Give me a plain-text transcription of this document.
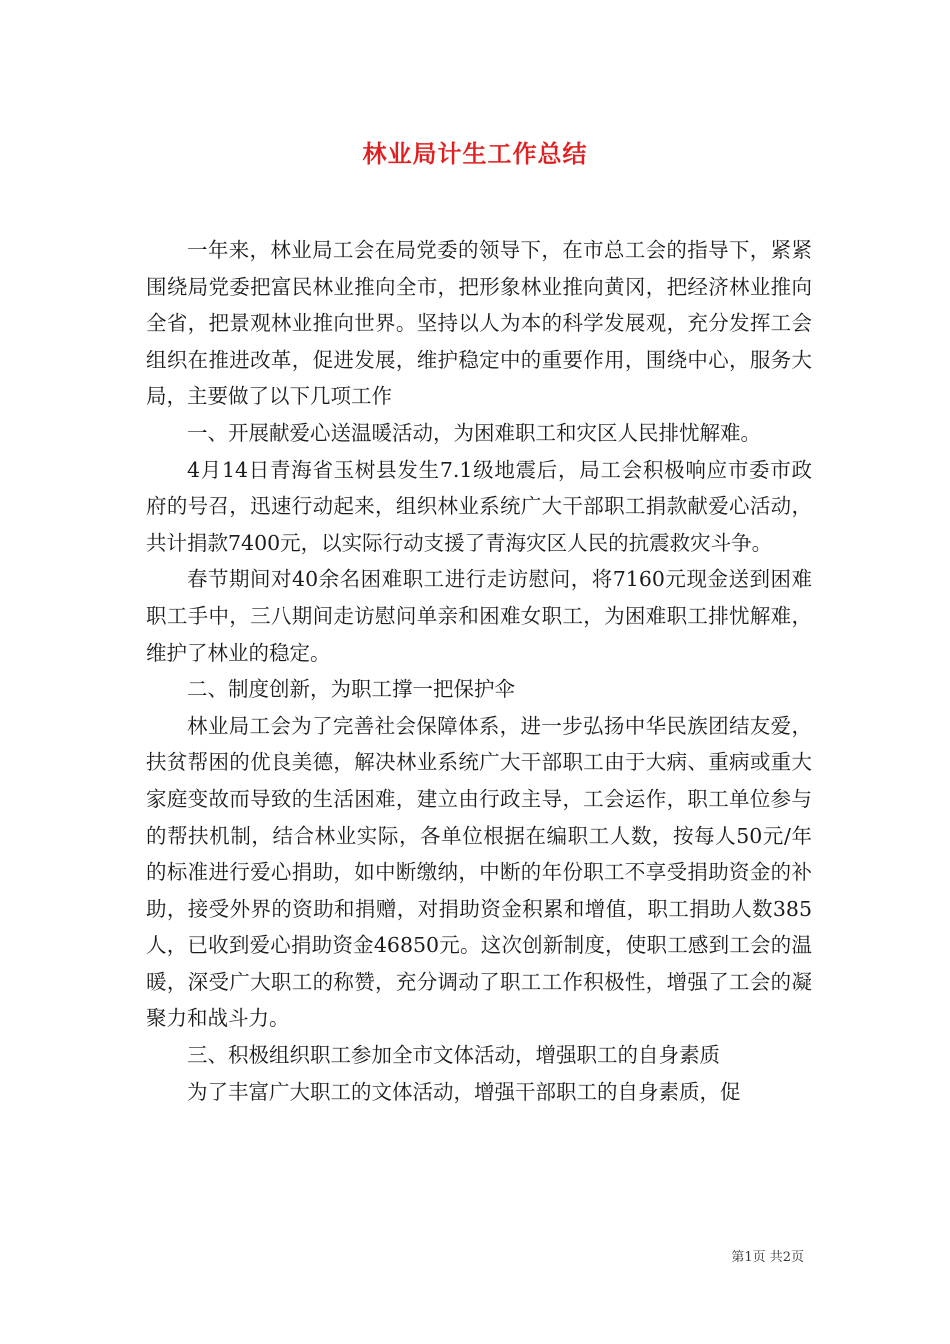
林业局计生工作总结

一年来，林业局工会在局党委的领导下，在市总工会的指导下，紧紧围绕局党委把富民林业推向全市，把形象林业推向黄冈，把经济林业推向全省，把景观林业推向世界。坚持以人为本的科学发展观，充分发挥工会组织在推进改革，促进发展，维护稳定中的重要作用，围绕中心，服务大局，主要做了以下几项工作

一、开展献爱心送温暖活动，为困难职工和灾区人民排忧解难。

4月14日青海省玉树县发生7.1级地震后，局工会积极响应市委市政府的号召，迅速行动起来，组织林业系统广大干部职工捐款献爱心活动，共计捐款7400元，以实际行动支援了青海灾区人民的抗震救灾斗争。

春节期间对40余名困难职工进行走访慰问，将7160元现金送到困难职工手中，三八期间走访慰问单亲和困难女职工，为困难职工排忧解难，维护了林业的稳定。

二、制度创新，为职工撑一把保护伞

林业局工会为了完善社会保障体系，进一步弘扬中华民族团结友爱，扶贫帮困的优良美德，解决林业系统广大干部职工由于大病、重病或重大家庭变故而导致的生活困难，建立由行政主导，工会运作，职工单位参与的帮扶机制，结合林业实际，各单位根据在编职工人数，按每人50元/年的标准进行爱心捐助，如中断缴纳，中断的年份职工不享受捐助资金的补助，接受外界的资助和捐赠，对捐助资金积累和增值，职工捐助人数385人，已收到爱心捐助资金46850元。这次创新制度，使职工感到工会的温暖，深受广大职工的称赞，充分调动了职工工作积极性，增强了工会的凝聚力和战斗力。

三、积极组织职工参加全市文体活动，增强职工的自身素质

为了丰富广大职工的文体活动，增强干部职工的自身素质，促

第1页 共2页
